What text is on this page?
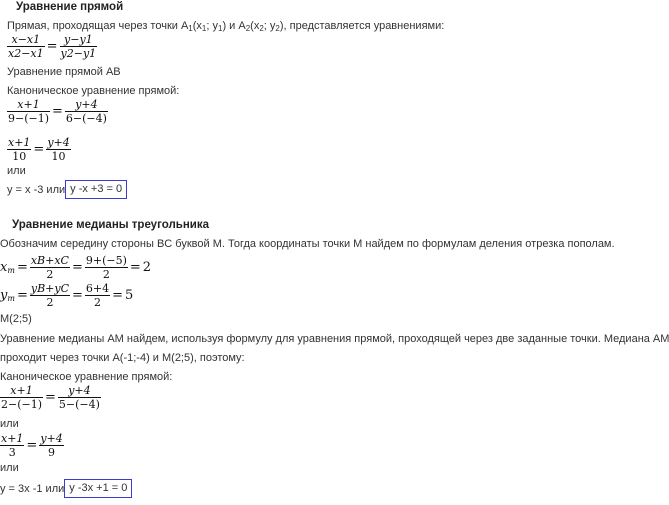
Уравнение прямой
Прямая, проходящая через точки $A_1(x_1$; $y_1$) и $A_2(x_2$; $y_2$), представляется уравнениями:
$\frac{x-x1}{x2-x1} = \frac{y-y1}{y2-y1}$
Уравнение прямой AB
Каноническое уравнение прямой:
$\frac{x+1}{9-(-1)} = \frac{y+4}{6-(-4)}$
$\frac{x+1}{10} = \frac{y+4}{10}$
или
y = x -3 или y -x +3 = 0
Уравнение медианы треугольника
Обозначим середину стороны BC буквой М. Тогда координаты точки М найдем по формулам деления отрезка пополам.
$x_m = \frac{xB+xC}{2} = \frac{9+(-5)}{2} = 2$
$y_m = \frac{yB+yC}{2} = \frac{6+4}{2} = 5$
M(2;5)
Уравнение медианы AM найдем, используя формулу для уравнения прямой, проходящей через две заданные точки. Медиана AM
проходит через точки A(-1;-4) и M(2;5), поэтому:
Каноническое уравнение прямой:
$\frac{x+1}{2-(-1)} = \frac{y+4}{5-(-4)}$
или
$\frac{x+1}{3} = \frac{y+4}{9}$
или
y = 3x -1 или y -3x +1 = 0
